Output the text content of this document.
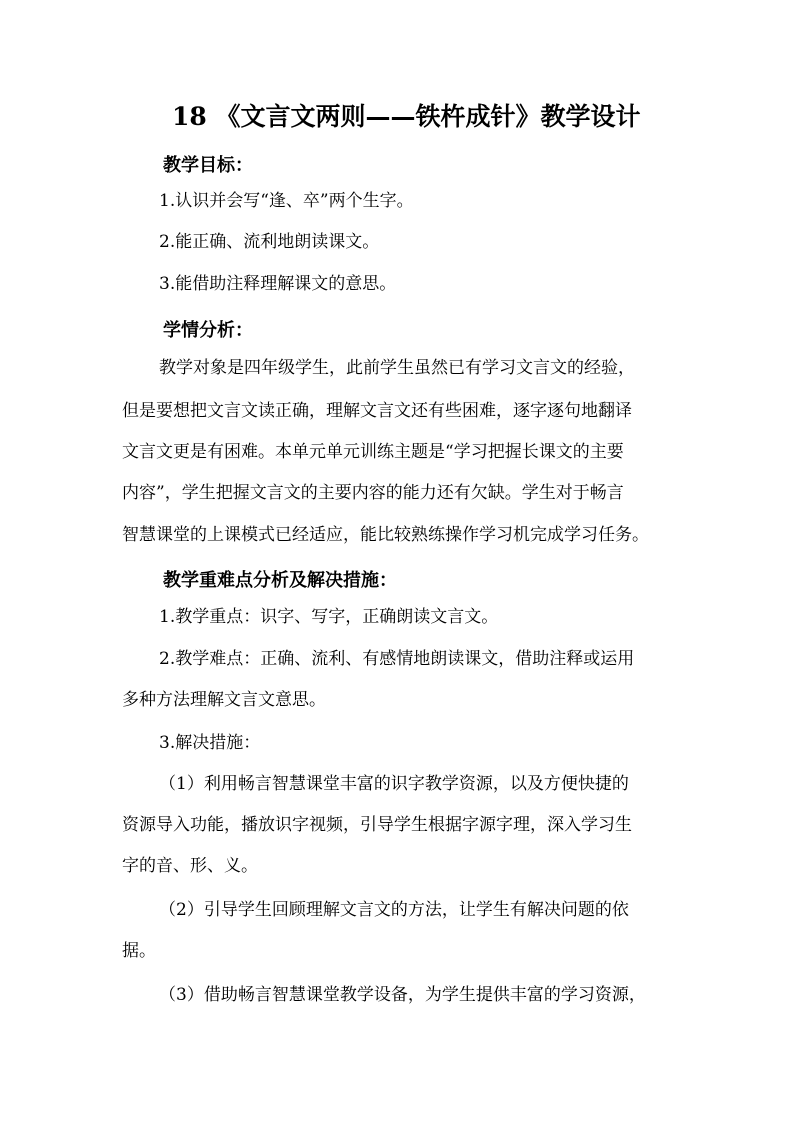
18 《文言文两则——铁杵成针》教学设计
教学目标：
1.认识并会写“逢、卒”两个生字。
2.能正确、流利地朗读课文。
3.能借助注释理解课文的意思。
学情分析：
教学对象是四年级学生，此前学生虽然已有学习文言文的经验，
但是要想把文言文读正确，理解文言文还有些困难，逐字逐句地翻译
文言文更是有困难。本单元单元训练主题是“学习把握长课文的主要
内容”，学生把握文言文的主要内容的能力还有欠缺。学生对于畅言
智慧课堂的上课模式已经适应，能比较熟练操作学习机完成学习任务。
教学重难点分析及解决措施：
1.教学重点：识字、写字，正确朗读文言文。
2.教学难点：正确、流利、有感情地朗读课文，借助注释或运用
多种方法理解文言文意思。
3.解决措施：
（1）利用畅言智慧课堂丰富的识字教学资源，以及方便快捷的
资源导入功能，播放识字视频，引导学生根据字源字理，深入学习生
字的音、形、义。
（2）引导学生回顾理解文言文的方法，让学生有解决问题的依
据。
（3）借助畅言智慧课堂教学设备，为学生提供丰富的学习资源，
